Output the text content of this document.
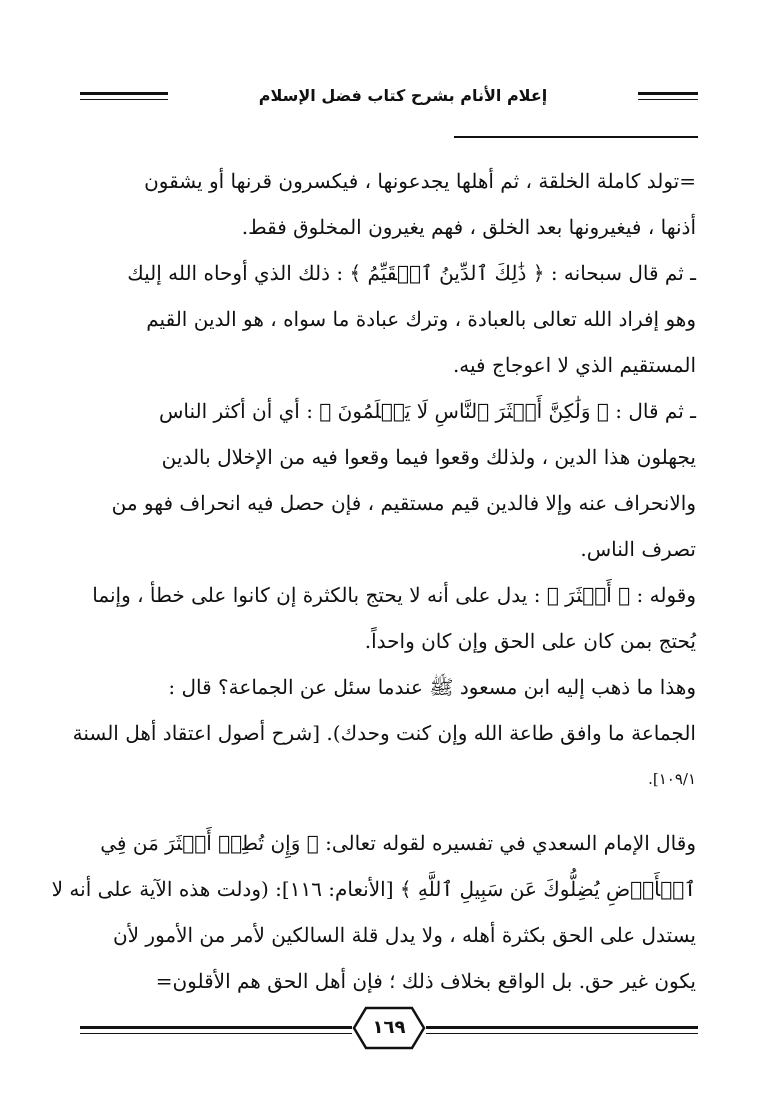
إعلام الأنام بشرح كتاب فضل الإسلام
=تولد كاملة الخلقة ، ثم أهلها يجدعونها ، فيكسرون قرنها أو يشقون
أذنها ، فيغيرونها بعد الخلق ، فهم يغيرون المخلوق فقط.
ـ ثم قال سبحانه : ﴿ ذَٰلِكَ ٱلدِّينُ ٱلۡقَيِّمُ ﴾ : ذلك الذي أوحاه الله إليك
وهو إفراد الله تعالى بالعبادة ، وترك عبادة ما سواه ، هو الدين القيم
المستقيم الذي لا اعوجاج فيه.
ـ ثم قال : ﴿ وَلَٰكِنَّ أَكۡثَرَ ٱلنَّاسِ لَا يَعۡلَمُونَ ﴾ : أي أن أكثر الناس
يجهلون هذا الدين ، ولذلك وقعوا فيما وقعوا فيه من الإخلال بالدين
والانحراف عنه وإلا فالدين قيم مستقيم ، فإن حصل فيه انحراف فهو من
تصرف الناس.
وقوله : ﴿ أَكۡثَرَ ﴾ : يدل على أنه لا يحتج بالكثرة إن كانوا على خطأ ، وإنما
يُحتج بمن كان على الحق وإن كان واحداً.
وهذا ما ذهب إليه ابن مسعود ﷺ عندما سئل عن الجماعة؟ قال :
الجماعة ما وافق طاعة الله وإن كنت وحدك). [شرح أصول اعتقاد أهل السنة
١٠٩/١].
وقال الإمام السعدي في تفسيره لقوله تعالى: ﴿ وَإِن تُطِعۡ أَكۡثَرَ مَن فِي
ٱلۡأَرۡضِ يُضِلُّوكَ عَن سَبِيلِ ٱللَّهِ ﴾ [الأنعام: ١١٦]: (ودلت هذه الآية على أنه لا
يستدل على الحق بكثرة أهله ، ولا يدل قلة السالكين لأمر من الأمور لأن
يكون غير حق. بل الواقع بخلاف ذلك ؛ فإن أهل الحق هم الأقلون=
١٦٩
